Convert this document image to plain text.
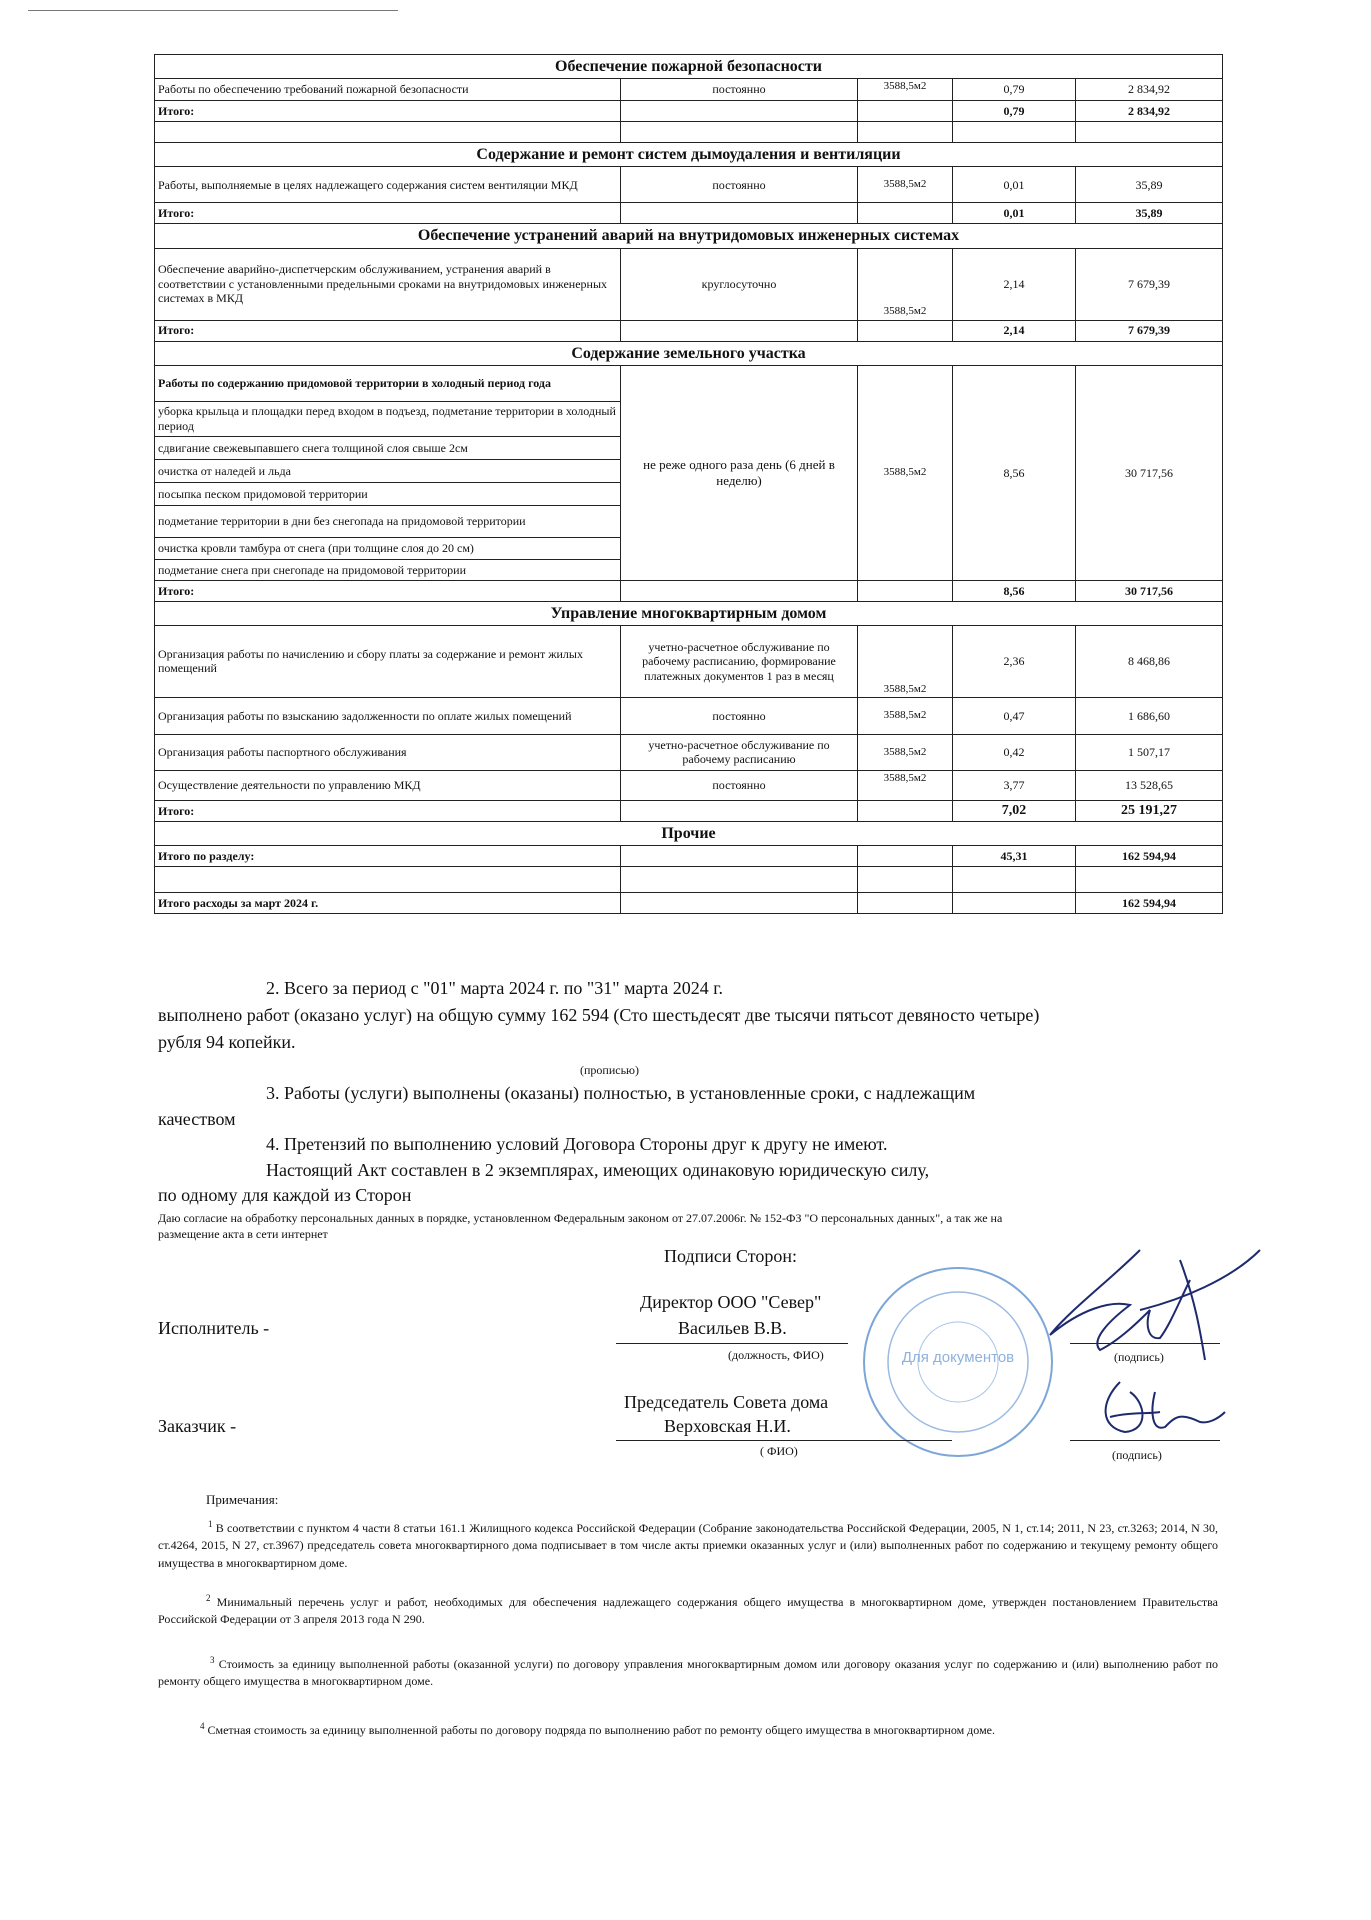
Обеспечение пожарной безопасности				
Работы по обеспечению требований пожарной безопасности	постоянно	3588,5м2	0,79	2 834,92
Итого:			0,79	2 834,92

Содержание и ремонт систем дымоудаления и вентиляции				
Работы, выполняемые в целях надлежащего содержания систем вентиляции МКД	постоянно	3588,5м2	0,01	35,89
Итого:			0,01	35,89
Обеспечение устранений аварий на внутридомовых инженерных системах				
Обеспечение аварийно-диспетчерским обслуживанием, устранения аварий в соответствии с установленными предельными сроками на внутридомовых инженерных системах в МКД	круглосуточно	3588,5м2	2,14	7 679,39
Итого:			2,14	7 679,39
Содержание земельного участка				
Работы по содержанию придомовой территории в холодный период года	не реже одного раза день (6 дней в неделю)	3588,5м2	8,56	30 717,56
уборка крыльца и площадки перед входом в подъезд, подметание территории в холодный период				
сдвигание свежевыпавшего снега толщиной слоя свыше 2см				
очистка от наледей и льда				
посыпка песком придомовой территории				
подметание территории в дни без снегопада на придомовой территории				
очистка кровли тамбура от снега (при толщине слоя до 20 см)				
подметание снега при снегопаде на придомовой территории				
Итого:			8,56	30 717,56
Управление многоквартирным домом				
Организация работы по начислению и сбору платы за содержание и ремонт жилых помещений	учетно-расчетное обслуживание по рабочему расписанию, формирование платежных документов 1 раз в месяц	3588,5м2	2,36	8 468,86
Организация работы по взысканию задолженности по оплате жилых помещений	постоянно	3588,5м2	0,47	1 686,60
Организация работы паспортного обслуживания	учетно-расчетное обслуживание по рабочему расписанию	3588,5м2	0,42	1 507,17
Осуществление деятельности по управлению МКД	постоянно	3588,5м2	3,77	13 528,65
Итого:			7,02	25 191,27
Прочие				
Итого по разделу:			45,31	162 594,94

Итого расходы за март 2024 г.				162 594,94
2. Всего за период с "01" марта 2024 г. по "31" марта 2024 г.
выполнено работ (оказано услуг) на общую сумму 162 594 (Сто шестьдесят две тысячи пятьсот девяносто четыре)
рубля 94 копейки.
(прописью)
3. Работы (услуги) выполнены (оказаны) полностью, в установленные сроки, с надлежащим
качеством
4. Претензий по выполнению условий Договора Стороны друг к другу не имеют.
Настоящий Акт составлен в 2 экземплярах, имеющих одинаковую юридическую силу,
по одному для каждой из Сторон
Даю согласие на обработку персональных данных в порядке, установленном Федеральным законом от 27.07.2006г. № 152-ФЗ "О персональных данных", а так же на
размещение акта в сети интернет
Подписи Сторон:
Для документов
Директор ООО "Север"
Исполнитель -	Васильев В.В.
(должность, ФИО)	(подпись)
Председатель Совета дома
Заказчик -	Верховская Н.И.
( ФИО)	(подпись)
Примечания:
$^1$ В соответствии с пунктом 4 части 8 статьи 161.1 Жилищного кодекса Российской Федерации (Собрание законодательства Российской Федерации, 2005, N 1, ст.14; 2011, N 23, ст.3263; 2014, N 30, ст.4264, 2015, N 27, ст.3967) председатель совета многоквартирного дома подписывает в том числе акты приемки оказанных услуг и (или) выполненных работ по содержанию и текущему ремонту общего имущества в многоквартирном доме.
$^2$ Минимальный перечень услуг и работ, необходимых для обеспечения надлежащего содержания общего имущества в многоквартирном доме, утвержден постановлением Правительства Российской Федерации от 3 апреля 2013 года N 290.
$^3$ Стоимость за единицу выполненной работы (оказанной услуги) по договору управления многоквартирным домом или договору оказания услуг по содержанию и (или) выполнению работ по ремонту общего имущества в многоквартирном доме.
$^4$ Сметная стоимость за единицу выполненной работы по договору подряда по выполнению работ по ремонту общего имущества в многоквартирном доме.
